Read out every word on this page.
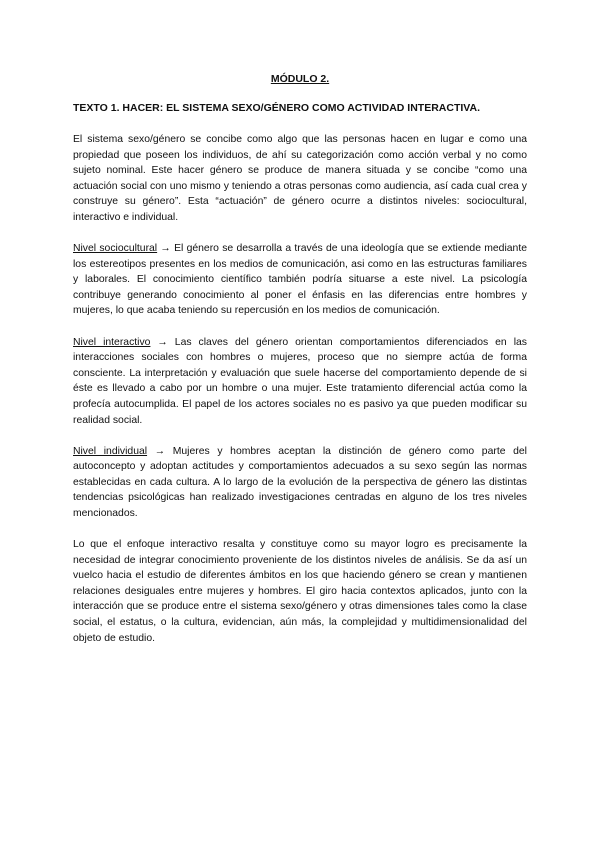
MÓDULO 2.
TEXTO 1. HACER: EL SISTEMA SEXO/GÉNERO COMO ACTIVIDAD INTERACTIVA.

El sistema sexo/género se concibe como algo que las personas hacen en lugar e como una propiedad que poseen los individuos, de ahí su categorización como acción verbal y no como sujeto nominal. Este hacer género se produce de manera situada y se concibe “como una actuación social con uno mismo y teniendo a otras personas como audiencia, así cada cual crea y construye su género”. Esta “actuación” de género ocurre a distintos niveles: sociocultural, interactivo e individual.

Nivel sociocultural → El género se desarrolla a través de una ideología que se extiende mediante los estereotipos presentes en los medios de comunicación, asi como en las estructuras familiares y laborales. El conocimiento científico también podría situarse a este nivel. La psicología contribuye generando conocimiento al poner el énfasis en las diferencias entre hombres y mujeres, lo que acaba teniendo su repercusión en los medios de comunicación.

Nivel interactivo → Las claves del género orientan comportamientos diferenciados en las interacciones sociales con hombres o mujeres, proceso que no siempre actúa de forma consciente. La interpretación y evaluación que suele hacerse del comportamiento depende de si éste es llevado a cabo por un hombre o una mujer. Este tratamiento diferencial actúa como la profecía autocumplida. El papel de los actores sociales no es pasivo ya que pueden modificar su realidad social.

Nivel individual → Mujeres y hombres aceptan la distinción de género como parte del autoconcepto y adoptan actitudes y comportamientos adecuados a su sexo según las normas establecidas en cada cultura. A lo largo de la evolución de la perspectiva de género las distintas tendencias psicológicas han realizado investigaciones centradas en alguno de los tres niveles mencionados.

Lo que el enfoque interactivo resalta y constituye como su mayor logro es precisamente la necesidad de integrar conocimiento proveniente de los distintos niveles de análisis. Se da así un vuelco hacia el estudio de diferentes ámbitos en los que haciendo género se crean y mantienen relaciones desiguales entre mujeres y hombres. El giro hacia contextos aplicados, junto con la interacción que se produce entre el sistema sexo/género y otras dimensiones tales como la clase social, el estatus, o la cultura, evidencian, aún más, la complejidad y multidimensionalidad del objeto de estudio.
